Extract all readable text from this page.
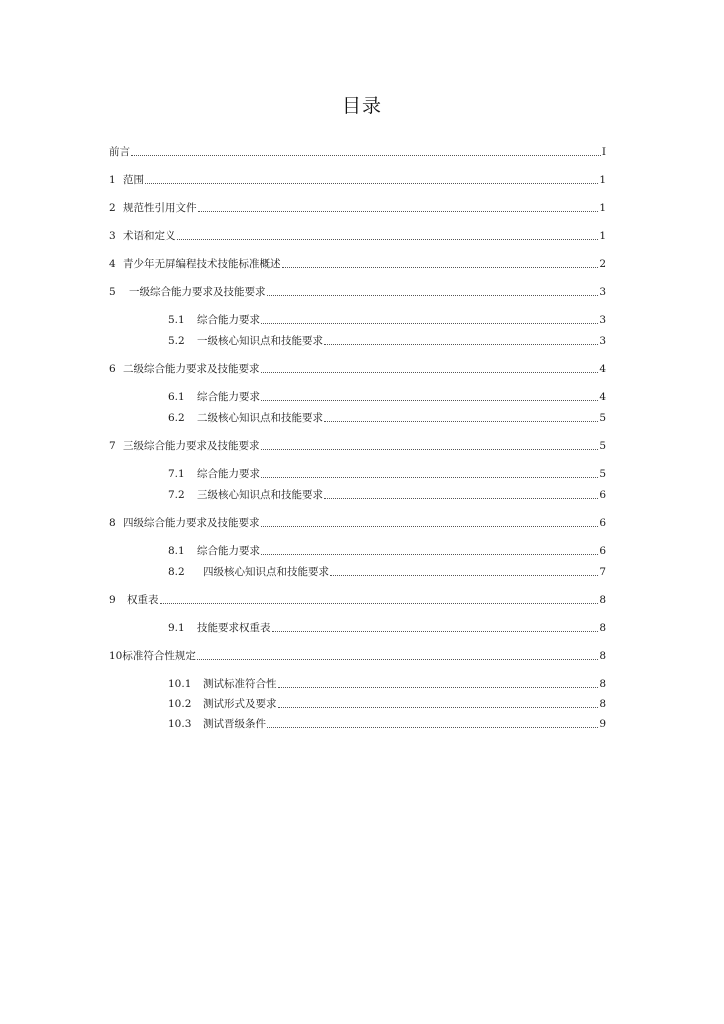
目录
前言	I
1 范围	1
2 规范性引用文件	1
3 术语和定义	1
4 青少年无屏编程技术技能标准概述	2
5	一级综合能力要求及技能要求	3
5.1	综合能力要求	3
5.2	一级核心知识点和技能要求	3
6 二级综合能力要求及技能要求	4
6.1	综合能力要求	4
6.2	二级核心知识点和技能要求	5
7 三级综合能力要求及技能要求	5
7.1	综合能力要求	5
7.2	三级核心知识点和技能要求	6
8 四级综合能力要求及技能要求	6
8.1	综合能力要求	6
8.2	四级核心知识点和技能要求	7
9	权重表	8
9.1	技能要求权重表	8
10 标准符合性规定	8
10.1	测试标准符合性	8
10.2	测试形式及要求	8
10.3	测试晋级条件	9
